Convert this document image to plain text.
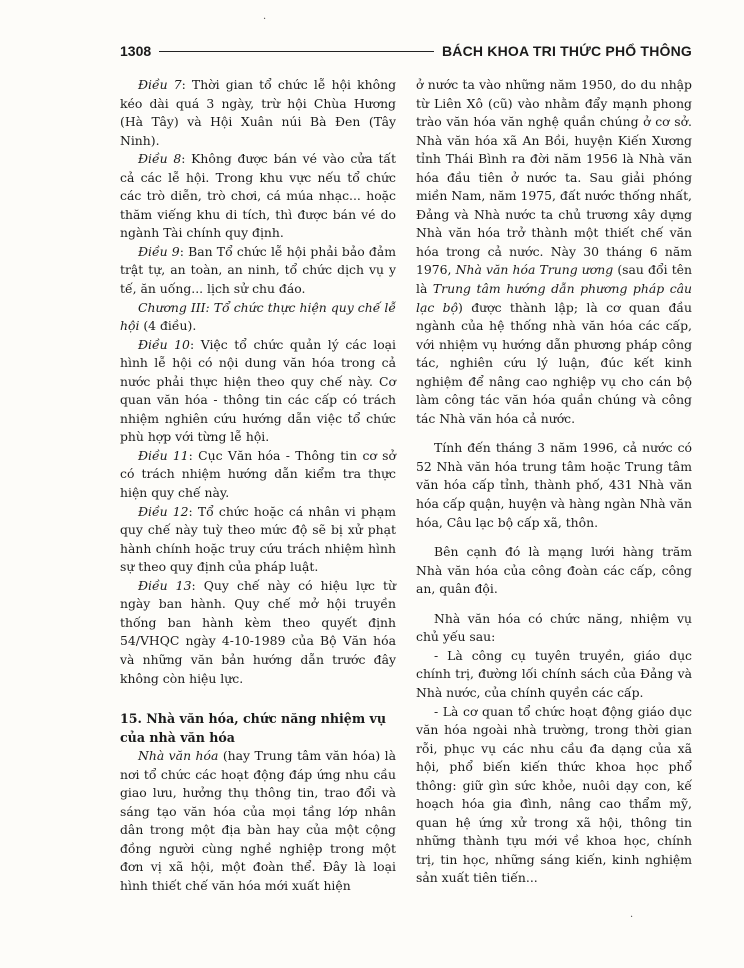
1308	BÁCH KHOA TRI THỨC PHỔ THÔNG
·

Điều 7: Thời gian tổ chức lễ hội không kéo dài quá 3 ngày, trừ hội Chùa Hương (Hà Tây) và Hội Xuân núi Bà Đen (Tây Ninh).

Điều 8: Không được bán vé vào cửa tất cả các lễ hội. Trong khu vực nếu tổ chức các trò diễn, trò chơi, cá múa nhạc... hoặc thăm viếng khu di tích, thì được bán vé do ngành Tài chính quy định.

Điều 9: Ban Tổ chức lễ hội phải bảo đảm trật tự, an toàn, an ninh, tổ chức dịch vụ y tế, ăn uống... lịch sử chu đáo.

Chương III: Tổ chức thực hiện quy chế lễ hội (4 điều).

Điều 10: Việc tổ chức quản lý các loại hình lễ hội có nội dung văn hóa trong cả nước phải thực hiện theo quy chế này. Cơ quan văn hóa - thông tin các cấp có trách nhiệm nghiên cứu hướng dẫn việc tổ chức phù hợp với từng lễ hội.

Điều 11: Cục Văn hóa - Thông tin cơ sở có trách nhiệm hướng dẫn kiểm tra thực hiện quy chế này.

Điều 12: Tổ chức hoặc cá nhân vi phạm quy chế này tuỳ theo mức độ sẽ bị xử phạt hành chính hoặc truy cứu trách nhiệm hình sự theo quy định của pháp luật.

Điều 13: Quy chế này có hiệu lực từ ngày ban hành. Quy chế mở hội truyền thống ban hành kèm theo quyết định 54/VHQC ngày 4-10-1989 của Bộ Văn hóa và những văn bản hướng dẫn trước đây không còn hiệu lực.

15. Nhà văn hóa, chức năng nhiệm vụ của nhà văn hóa

Nhà văn hóa (hay Trung tâm văn hóa) là nơi tổ chức các hoạt động đáp ứng nhu cầu giao lưu, hưởng thụ thông tin, trao đổi và sáng tạo văn hóa của mọi tầng lớp nhân dân trong một địa bàn hay của một cộng đồng người cùng nghề nghiệp trong một đơn vị xã hội, một đoàn thể. Đây là loại hình thiết chế văn hóa mới xuất hiện

ở nước ta vào những năm 1950, do du nhập từ Liên Xô (cũ) vào nhằm đẩy mạnh phong trào văn hóa văn nghệ quần chúng ở cơ sở. Nhà văn hóa xã An Bồi, huyện Kiến Xương tỉnh Thái Bình ra đời năm 1956 là Nhà văn hóa đầu tiên ở nước ta. Sau giải phóng miền Nam, năm 1975, đất nước thống nhất, Đảng và Nhà nước ta chủ trương xây dựng Nhà văn hóa trở thành một thiết chế văn hóa trong cả nước. Này 30 tháng 6 năm 1976, Nhà văn hóa Trung ương (sau đổi tên là Trung tâm hướng dẫn phương pháp câu lạc bộ) được thành lập; là cơ quan đầu ngành của hệ thống nhà văn hóa các cấp, với nhiệm vụ hướng dẫn phương pháp công tác, nghiên cứu lý luận, đúc kết kinh nghiệm để nâng cao nghiệp vụ cho cán bộ làm công tác văn hóa quần chúng và công tác Nhà văn hóa cả nước.

Tính đến tháng 3 năm 1996, cả nước có 52 Nhà văn hóa trung tâm hoặc Trung tâm văn hóa cấp tỉnh, thành phố, 431 Nhà văn hóa cấp quận, huyện và hàng ngàn Nhà văn hóa, Câu lạc bộ cấp xã, thôn.

Bên cạnh đó là mạng lưới hàng trăm Nhà văn hóa của công đoàn các cấp, công an, quân đội.

Nhà văn hóa có chức năng, nhiệm vụ chủ yếu sau:

- Là công cụ tuyên truyền, giáo dục chính trị, đường lối chính sách của Đảng và Nhà nước, của chính quyền các cấp.

- Là cơ quan tổ chức hoạt động giáo dục văn hóa ngoài nhà trường, trong thời gian rỗi, phục vụ các nhu cầu đa dạng của xã hội, phổ biến kiến thức khoa học phổ thông: giữ gìn sức khỏe, nuôi dạy con, kế hoạch hóa gia đình, nâng cao thẩm mỹ, quan hệ ứng xử trong xã hội, thông tin những thành tựu mới về khoa học, chính trị, tin học, những sáng kiến, kinh nghiệm sản xuất tiên tiến...

·
